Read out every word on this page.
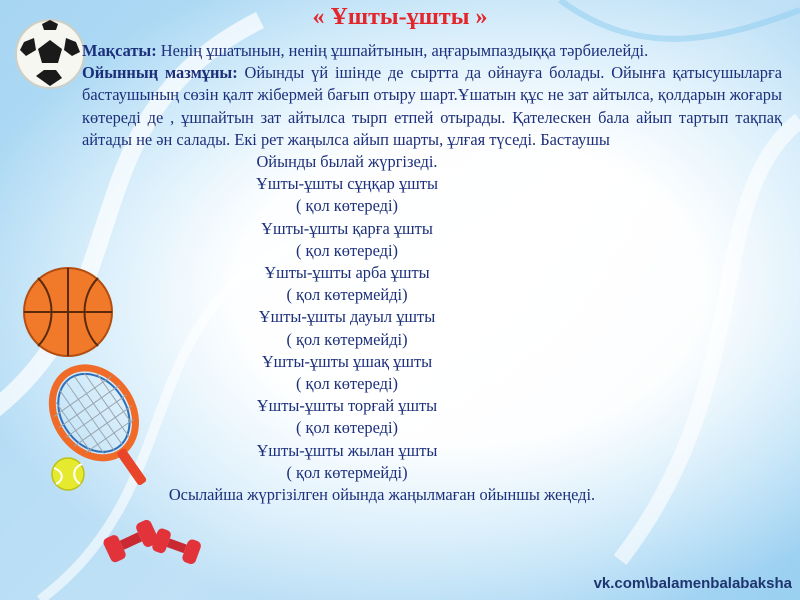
« Ұшты-ұшты »
Мақсаты: Ненің ұшатынын, ненің ұшпайтынын, аңғарымпаздыққа тәрбиелейді.
Ойынның мазмұны: Ойынды үй ішінде де сыртта да ойнауға болады. Ойынға қатысушыларға бастаушының сөзін қалт жібермей бағып отыру шарт.Ұшатын құс не зат айтылса, қолдарын жоғары көтереді де , ұшпайтын зат айтылса тырп етпей отырады. Қателескен бала айып тартып тақпақ айтады не ән салады. Екі рет жаңылса айып шарты, ұлғая түседі. Бастаушы
Ойынды былай жүргізеді.
Ұшты-ұшты сұңқар ұшты
( қол көтереді)
Ұшты-ұшты қарға ұшты
( қол көтереді)
Ұшты-ұшты арба ұшты
( қол көтермейді)
Ұшты-ұшты дауыл ұшты
( қол көтермейді)
Ұшты-ұшты ұшақ ұшты
( қол көтереді)
Ұшты-ұшты торғай ұшты
( қол көтереді)
Ұшты-ұшты жылан ұшты
( қол көтермейді)
Осылайша жүргізілген ойында жаңылмаған ойыншы жеңеді.
vk.com\balamenbalabaksha
